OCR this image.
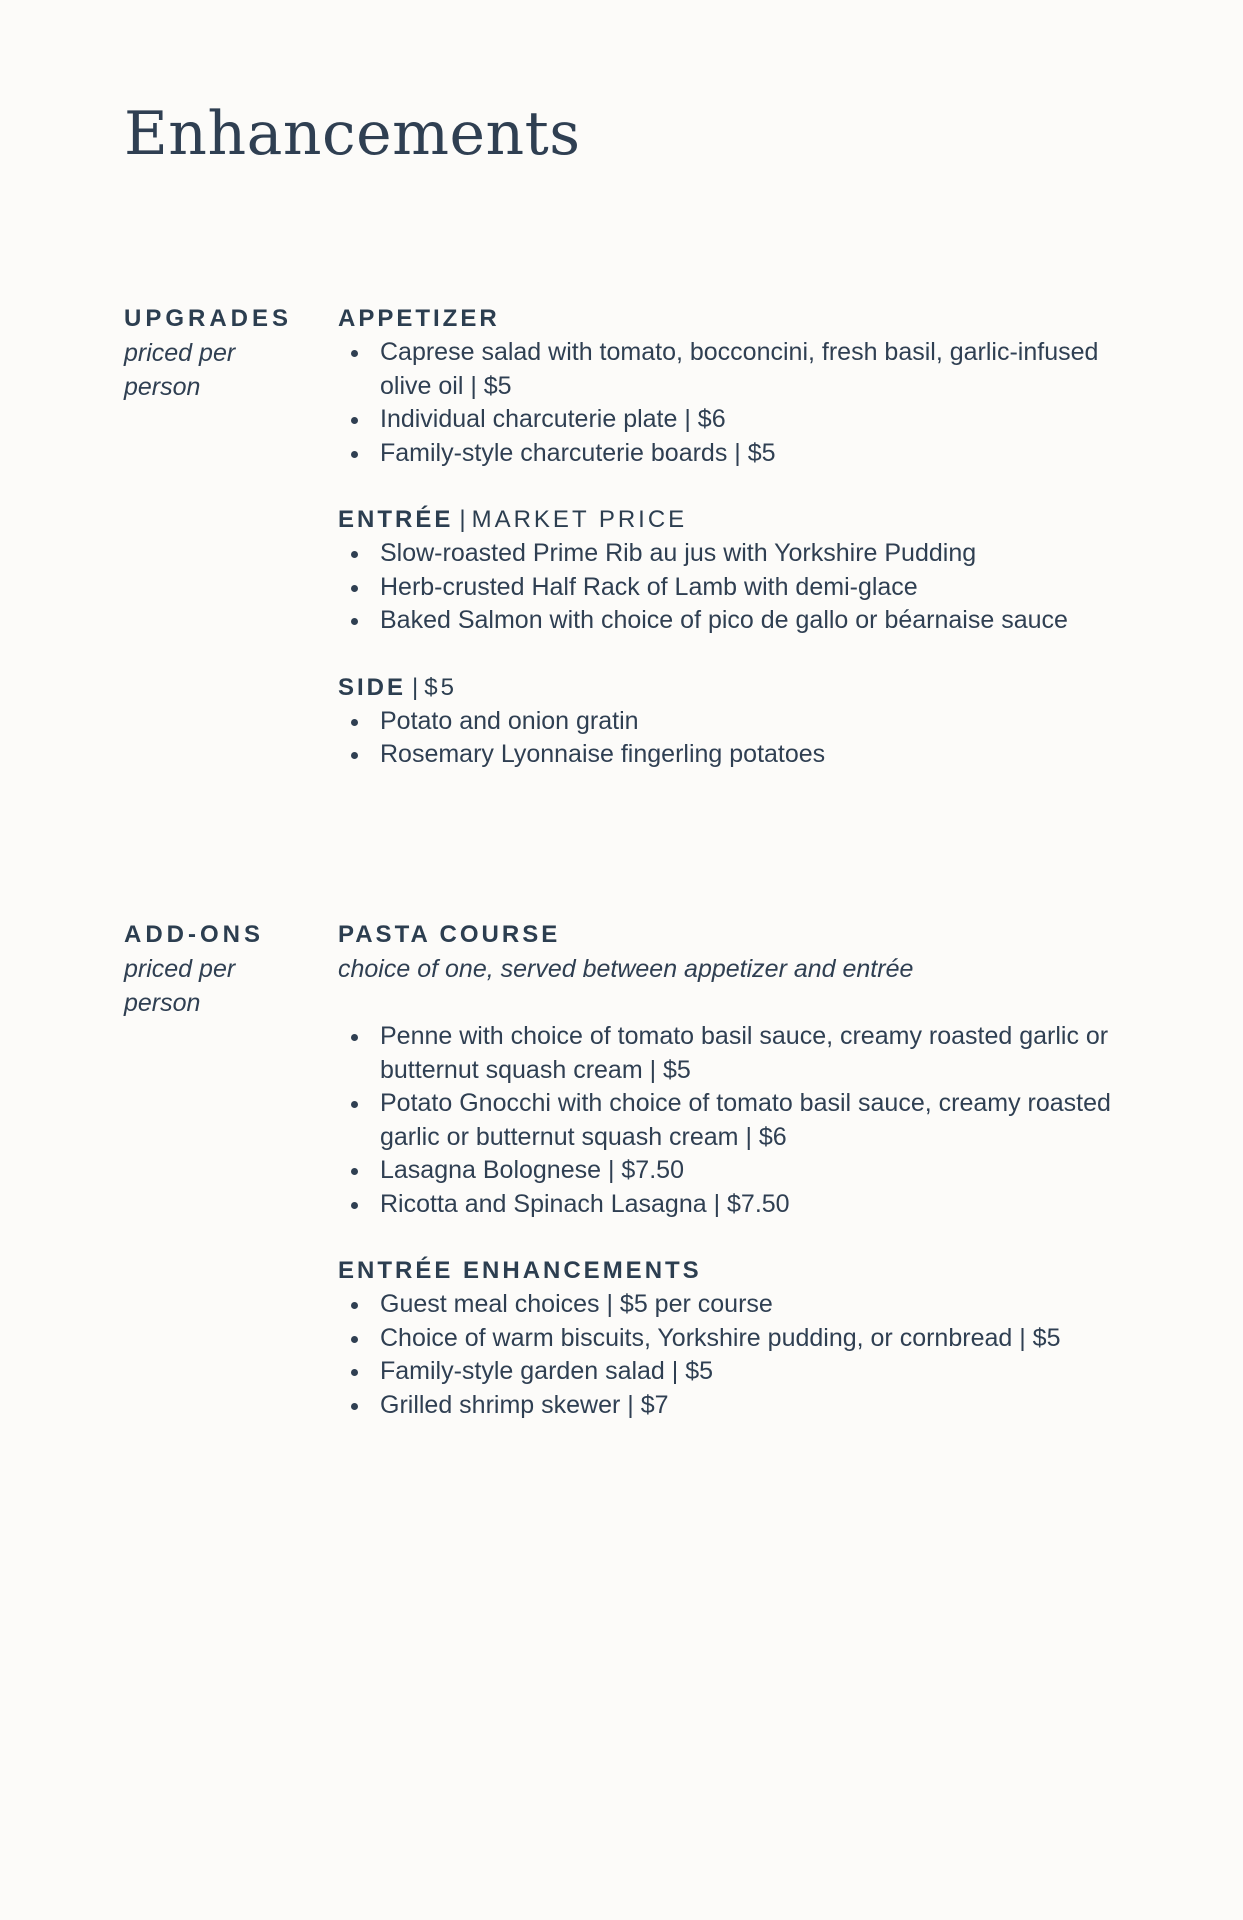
Enhancements
UPGRADES
priced per person
APPETIZER
Caprese salad with tomato, bocconcini, fresh basil, garlic-infused olive oil | $5
Individual charcuterie plate | $6
Family-style charcuterie boards | $5
ENTRÉE | MARKET PRICE
Slow-roasted Prime Rib au jus with Yorkshire Pudding
Herb-crusted Half Rack of Lamb with demi-glace
Baked Salmon with choice of pico de gallo or béarnaise sauce
SIDE | $5
Potato and onion gratin
Rosemary Lyonnaise fingerling potatoes
ADD-ONS
priced per person
PASTA COURSE
choice of one, served between appetizer and entrée
Penne with choice of tomato basil sauce, creamy roasted garlic or butternut squash cream | $5
Potato Gnocchi with choice of tomato basil sauce, creamy roasted garlic or butternut squash cream | $6
Lasagna Bolognese | $7.50
Ricotta and Spinach Lasagna | $7.50
ENTRÉE ENHANCEMENTS
Guest meal choices | $5 per course
Choice of warm biscuits, Yorkshire pudding, or cornbread | $5
Family-style garden salad | $5
Grilled shrimp skewer | $7
